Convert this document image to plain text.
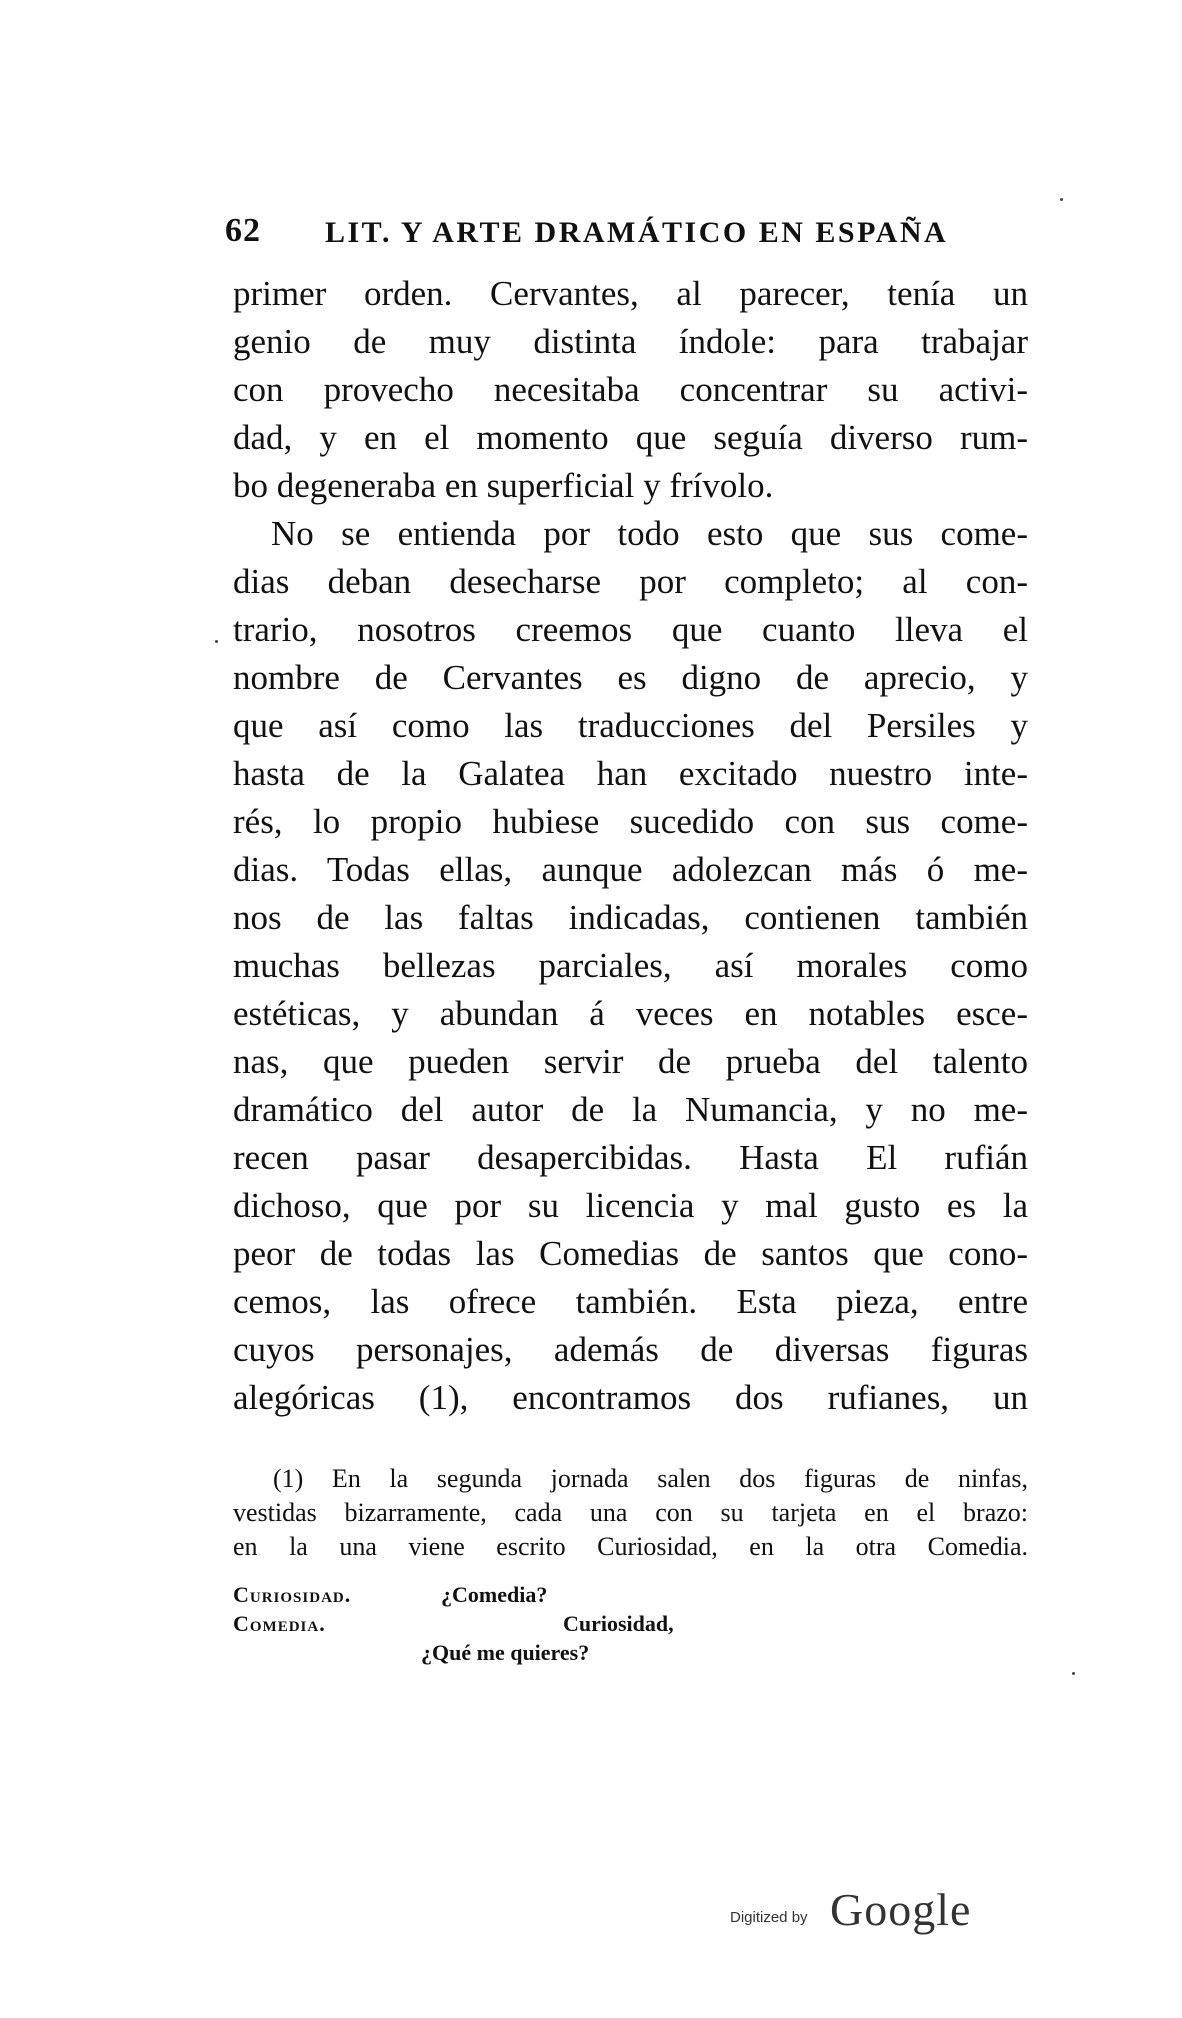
62 LIT. Y ARTE DRAMÁTICO EN ESPAÑA
primer orden. Cervantes, al parecer, tenía un
genio de muy distinta índole: para trabajar
con provecho necesitaba concentrar su activi-
dad, y en el momento que seguía diverso rum-
bo degeneraba en superficial y frívolo.
No se entienda por todo esto que sus come-
dias deban desecharse por completo; al con-
trario, nosotros creemos que cuanto lleva el
nombre de Cervantes es digno de aprecio, y
que así como las traducciones del Persiles y
hasta de la Galatea han excitado nuestro inte-
rés, lo propio hubiese sucedido con sus come-
dias. Todas ellas, aunque adolezcan más ó me-
nos de las faltas indicadas, contienen también
muchas bellezas parciales, así morales como
estéticas, y abundan á veces en notables esce-
nas, que pueden servir de prueba del talento
dramático del autor de la Numancia, y no me-
recen pasar desapercibidas. Hasta El rufián
dichoso, que por su licencia y mal gusto es la
peor de todas las Comedias de santos que cono-
cemos, las ofrece también. Esta pieza, entre
cuyos personajes, además de diversas figuras
alegóricas (1), encontramos dos rufianes, un
(1) En la segunda jornada salen dos figuras de ninfas,
vestidas bizarramente, cada una con su tarjeta en el brazo:
en la una viene escrito Curiosidad, en la otra Comedia.
Curiosidad.	¿Comedia?
Comedia.	Curiosidad,
¿Qué me quieres?
Digitized by Google
